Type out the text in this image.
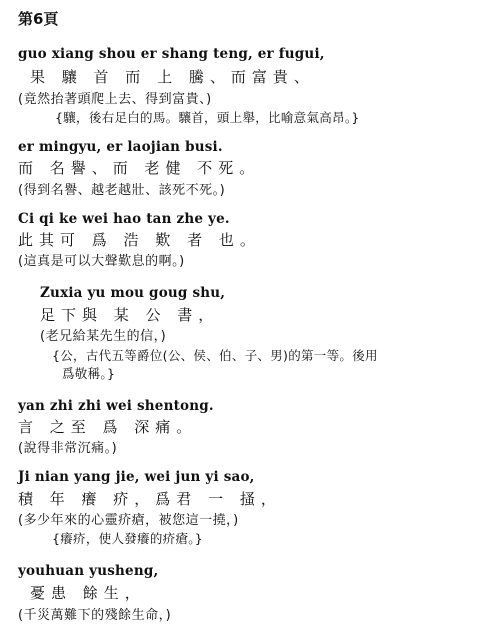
第6頁
guo xiang shou er shang teng, er fugui,
果 驤 首 而 上 騰、而富貴、
(竟然抬著頭爬上去、得到富貴、)
{驤，後右足白的馬。驤首，頭上舉，比喻意氣高昂。}
er mingyu, er laojian busi.
而 名譽、而 老健 不死。
(得到名譽、越老越壯、該死不死。)
Ci qi ke wei hao tan zhe ye.
此其可 爲 浩 歎 者 也。
(這真是可以大聲歎息的啊。)
Zuxia yu mou goug shu,
足下與 某 公 書，
(老兄給某先生的信，)
{公，古代五等爵位(公、侯、伯、子、男)的第一等。後用
爲敬稱。}
yan zhi zhi wei shentong.
言 之至 爲 深痛。
(說得非常沉痛。)
Ji nian yang jie, wei jun yi sao,
積 年 癢 疥，爲君 一 搔，
(多少年來的心靈疥瘡，被您這一撓，)
{癢疥，使人發癢的疥瘡。}
youhuan yusheng,
憂患 餘生，
(千災萬難下的殘餘生命，)
